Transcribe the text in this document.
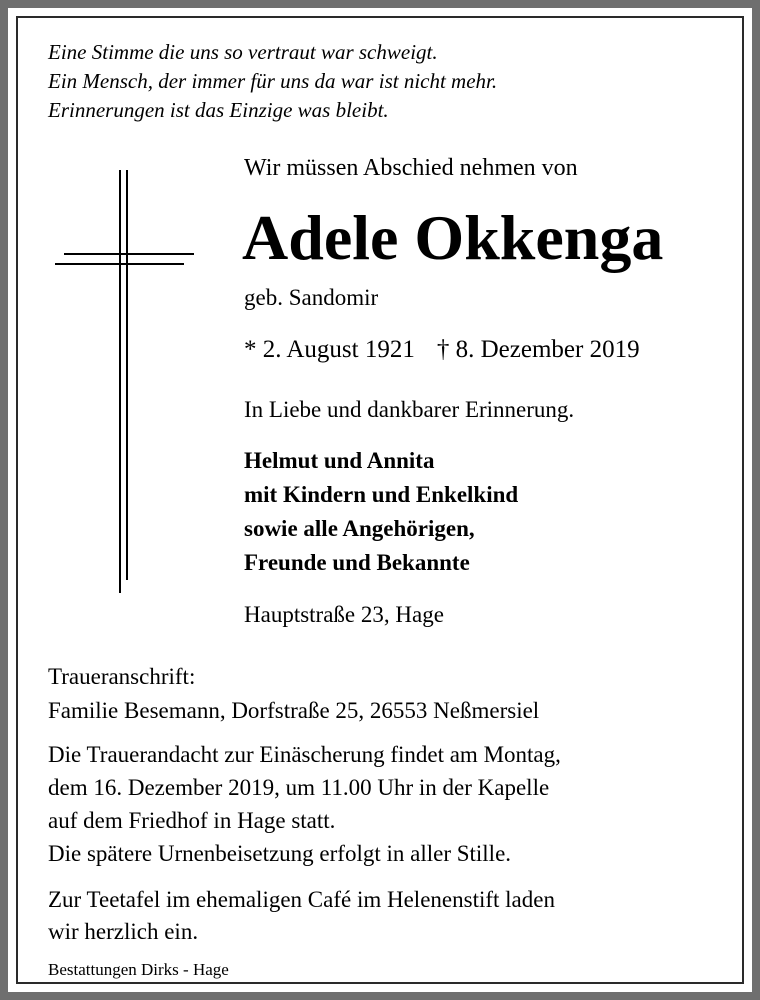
Eine Stimme die uns so vertraut war schweigt.
Ein Mensch, der immer für uns da war ist nicht mehr.
Erinnerungen ist das Einzige was bleibt.
Wir müssen Abschied nehmen von
Adele Okkenga
geb. Sandomir
* 2. August 1921 † 8. Dezember 2019
In Liebe und dankbarer Erinnerung.
Helmut und Annita
mit Kindern und Enkelkind
sowie alle Angehörigen,
Freunde und Bekannte
Hauptstraße 23, Hage
Traueranschrift:
Familie Besemann, Dorfstraße 25, 26553 Neßmersiel
Die Trauerandacht zur Einäscherung findet am Montag,
dem 16. Dezember 2019, um 11.00 Uhr in der Kapelle
auf dem Friedhof in Hage statt.
Die spätere Urnenbeisetzung erfolgt in aller Stille.
Zur Teetafel im ehemaligen Café im Helenenstift laden
wir herzlich ein.
Bestattungen Dirks - Hage
